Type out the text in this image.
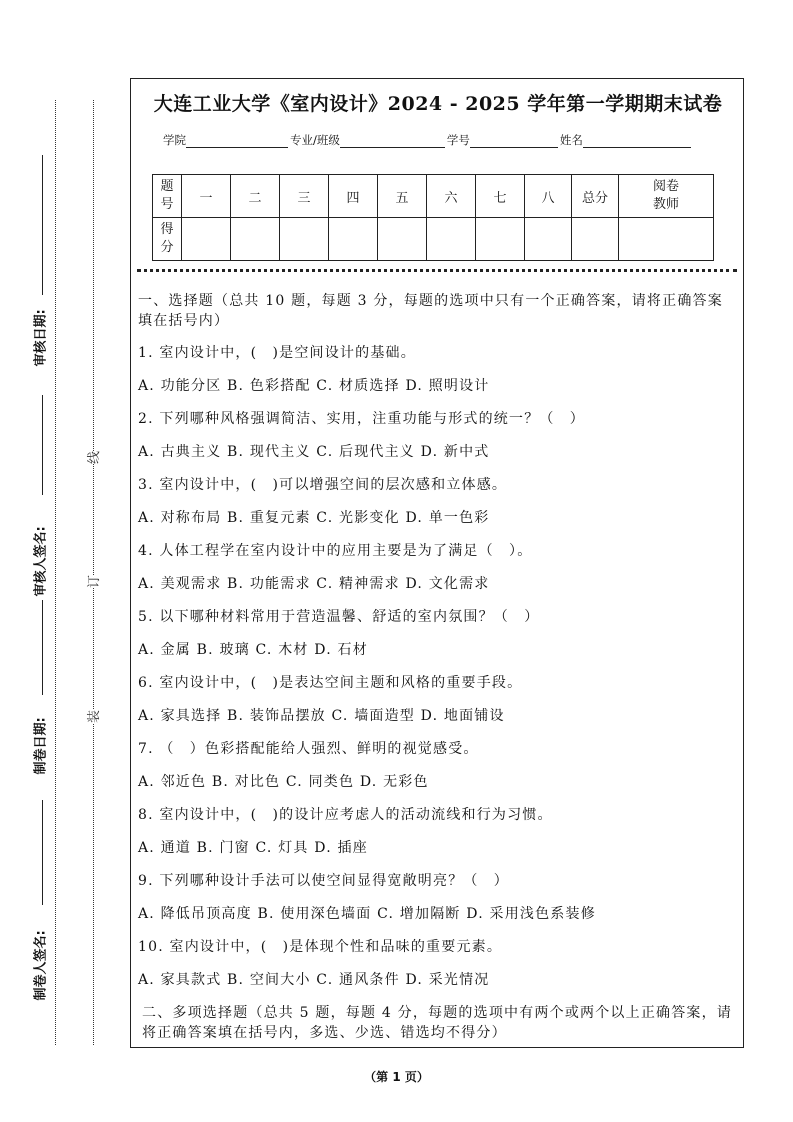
审核日期:
审核人签名:
制卷日期:
制卷人签名:
线
订
装
大连工业大学《室内设计》2024 - 2025 学年第一学期期末试卷
学院	专业/班级	学号	姓名
题号	一	二	三	四	五	六	七	八	总分	阅卷教师
得分										

一、选择题（总共 10 题，每题 3 分，每题的选项中只有一个正确答案，请将正确答案填在括号内）

1. 室内设计中，(　)是空间设计的基础。

A. 功能分区 B. 色彩搭配 C. 材质选择 D. 照明设计

2. 下列哪种风格强调简洁、实用，注重功能与形式的统一？（　）

A. 古典主义 B. 现代主义 C. 后现代主义 D. 新中式

3. 室内设计中，(　)可以增强空间的层次感和立体感。

A. 对称布局 B. 重复元素 C. 光影变化 D. 单一色彩

4. 人体工程学在室内设计中的应用主要是为了满足（　）。

A. 美观需求 B. 功能需求 C. 精神需求 D. 文化需求

5. 以下哪种材料常用于营造温馨、舒适的室内氛围？（　）

A. 金属 B. 玻璃 C. 木材 D. 石材

6. 室内设计中，(　)是表达空间主题和风格的重要手段。

A. 家具选择 B. 装饰品摆放 C. 墙面造型 D. 地面铺设

7. （　）色彩搭配能给人强烈、鲜明的视觉感受。

A. 邻近色 B. 对比色 C. 同类色 D. 无彩色

8. 室内设计中，(　)的设计应考虑人的活动流线和行为习惯。

A. 通道 B. 门窗 C. 灯具 D. 插座

9. 下列哪种设计手法可以使空间显得宽敞明亮？（　）

A. 降低吊顶高度 B. 使用深色墙面 C. 增加隔断 D. 采用浅色系装修

10. 室内设计中，(　)是体现个性和品味的重要元素。

A. 家具款式 B. 空间大小 C. 通风条件 D. 采光情况

二、多项选择题（总共 5 题，每题 4 分，每题的选项中有两个或两个以上正确答案，请将正确答案填在括号内，多选、少选、错选均不得分）

（第 1 页）
